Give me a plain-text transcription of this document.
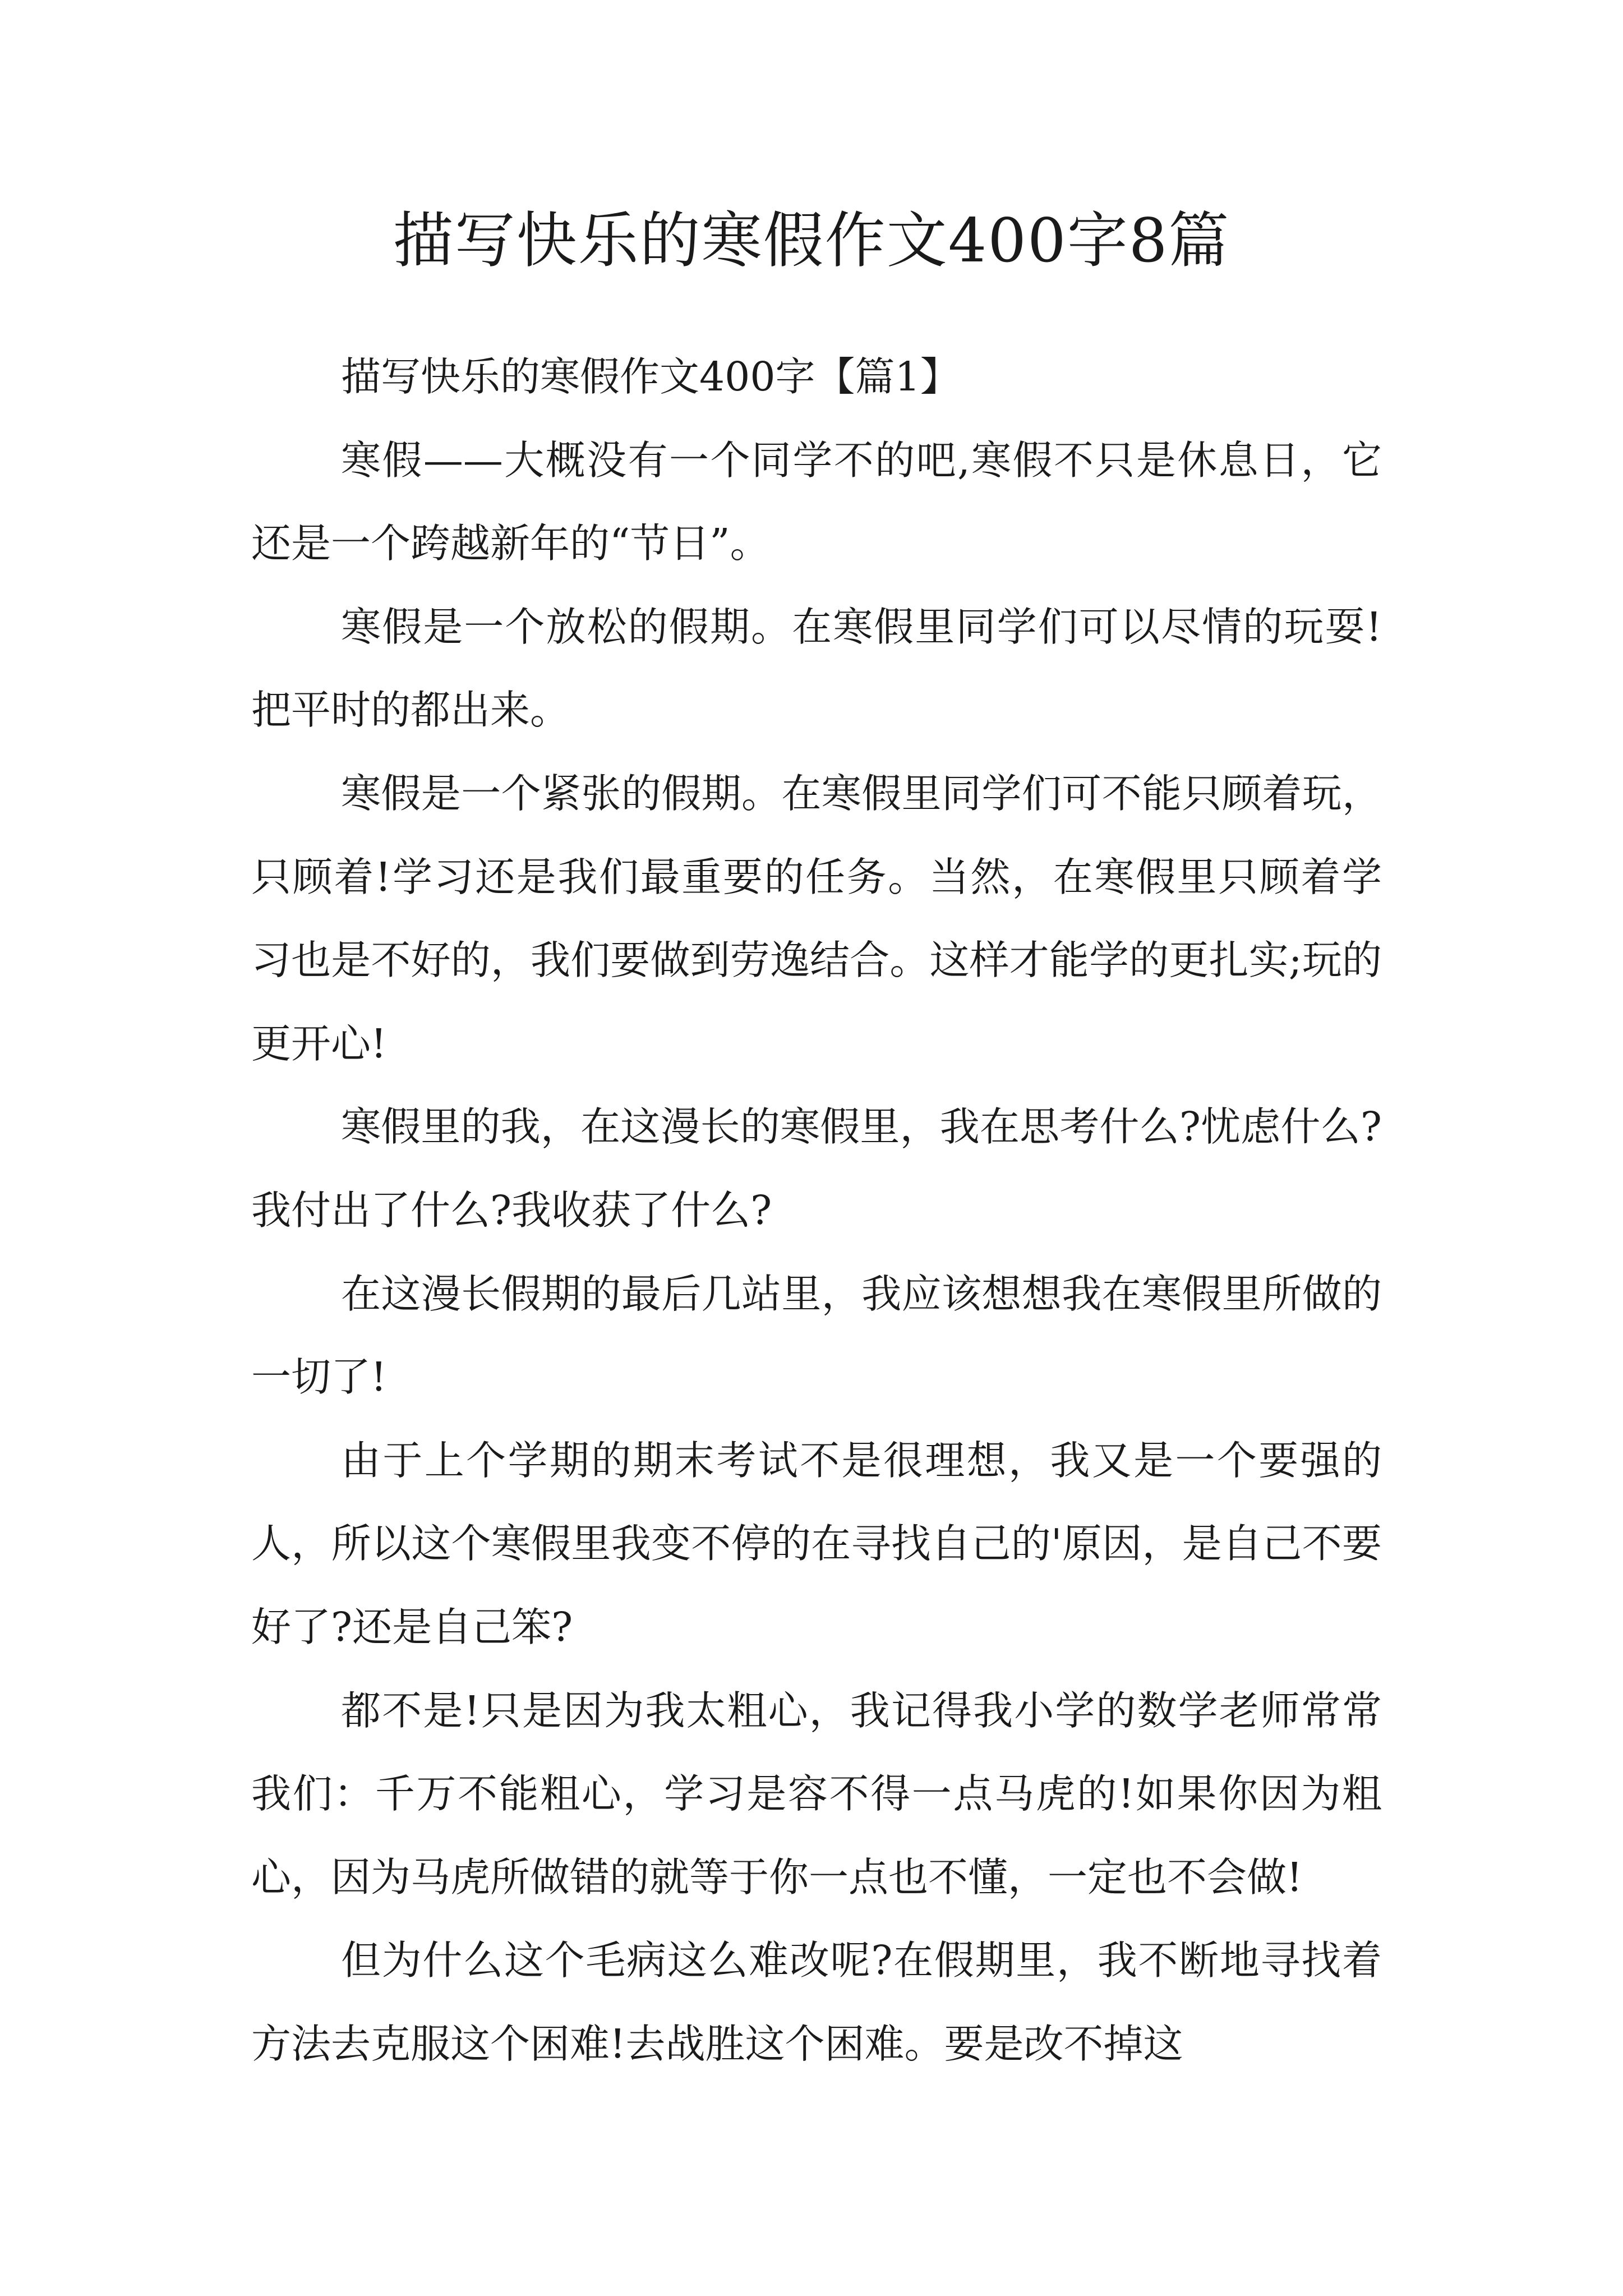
描写快乐的寒假作文400字8篇

描写快乐的寒假作文400字【篇1】

寒假——大概没有一个同学不的吧,寒假不只是休息日，它还是一个跨越新年的“节日”。

寒假是一个放松的假期。在寒假里同学们可以尽情的玩耍!把平时的都出来。

寒假是一个紧张的假期。在寒假里同学们可不能只顾着玩，只顾着!学习还是我们最重要的任务。当然，在寒假里只顾着学习也是不好的，我们要做到劳逸结合。这样才能学的更扎实;玩的更开心!

寒假里的我，在这漫长的寒假里，我在思考什么?忧虑什么?我付出了什么?我收获了什么?

在这漫长假期的最后几站里，我应该想想我在寒假里所做的一切了!

由于上个学期的期末考试不是很理想，我又是一个要强的人，所以这个寒假里我变不停的在寻找自己的'原因，是自己不要好了?还是自己笨?

都不是!只是因为我太粗心，我记得我小学的数学老师常常我们：千万不能粗心，学习是容不得一点马虎的!如果你因为粗心，因为马虎所做错的就等于你一点也不懂，一定也不会做!

但为什么这个毛病这么难改呢?在假期里，我不断地寻找着方法去克服这个困难!去战胜这个困难。要是改不掉这
